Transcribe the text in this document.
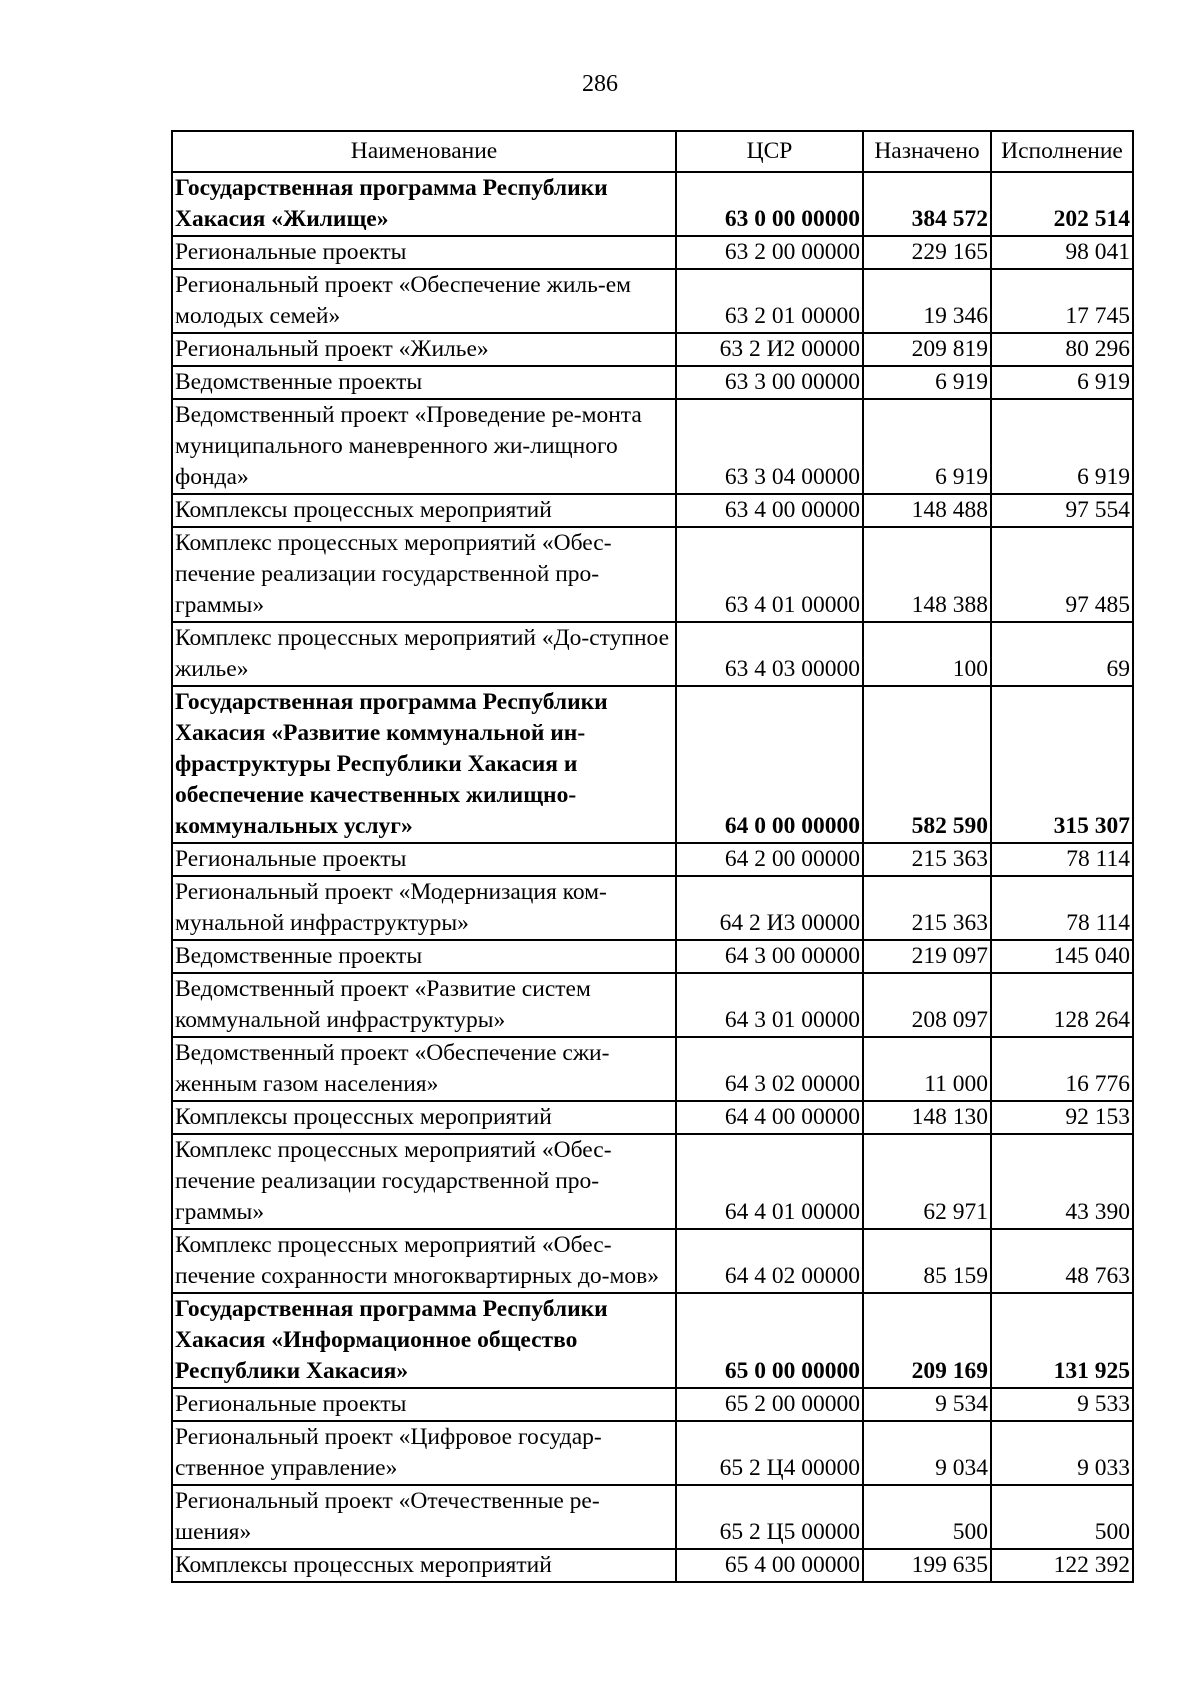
286
Наименование	ЦСР	Назначено	Исполнение
Государственная программа Республики Хакасия «Жилище»	63 0 00 00000	384 572	202 514
Региональные проекты	63 2 00 00000	229 165	98 041
Региональный проект «Обеспечение жиль-ем молодых семей»	63 2 01 00000	19 346	17 745
Региональный проект «Жилье»	63 2 И2 00000	209 819	80 296
Ведомственные проекты	63 3 00 00000	6 919	6 919
Ведомственный проект «Проведение ре-монта муниципального маневренного жи-лищного фонда»	63 3 04 00000	6 919	6 919
Комплексы процессных мероприятий	63 4 00 00000	148 488	97 554
Комплекс процессных мероприятий «Обес-печение реализации государственной про-граммы»	63 4 01 00000	148 388	97 485
Комплекс процессных мероприятий «До-ступное жилье»	63 4 03 00000	100	69
Государственная программа Республики Хакасия «Развитие коммунальной ин-фраструктуры Республики Хакасия и обеспечение качественных жилищно-коммунальных услуг»	64 0 00 00000	582 590	315 307
Региональные проекты	64 2 00 00000	215 363	78 114
Региональный проект «Модернизация ком-мунальной инфраструктуры»	64 2 И3 00000	215 363	78 114
Ведомственные проекты	64 3 00 00000	219 097	145 040
Ведомственный проект «Развитие систем коммунальной инфраструктуры»	64 3 01 00000	208 097	128 264
Ведомственный проект «Обеспечение сжи-женным газом населения»	64 3 02 00000	11 000	16 776
Комплексы процессных мероприятий	64 4 00 00000	148 130	92 153
Комплекс процессных мероприятий «Обес-печение реализации государственной про-граммы»	64 4 01 00000	62 971	43 390
Комплекс процессных мероприятий «Обес-печение сохранности многоквартирных до-мов»	64 4 02 00000	85 159	48 763
Государственная программа Республики Хакасия «Информационное общество Республики Хакасия»	65 0 00 00000	209 169	131 925
Региональные проекты	65 2 00 00000	9 534	9 533
Региональный проект «Цифровое государ-ственное управление»	65 2 Ц4 00000	9 034	9 033
Региональный проект «Отечественные ре-шения»	65 2 Ц5 00000	500	500
Комплексы процессных мероприятий	65 4 00 00000	199 635	122 392
